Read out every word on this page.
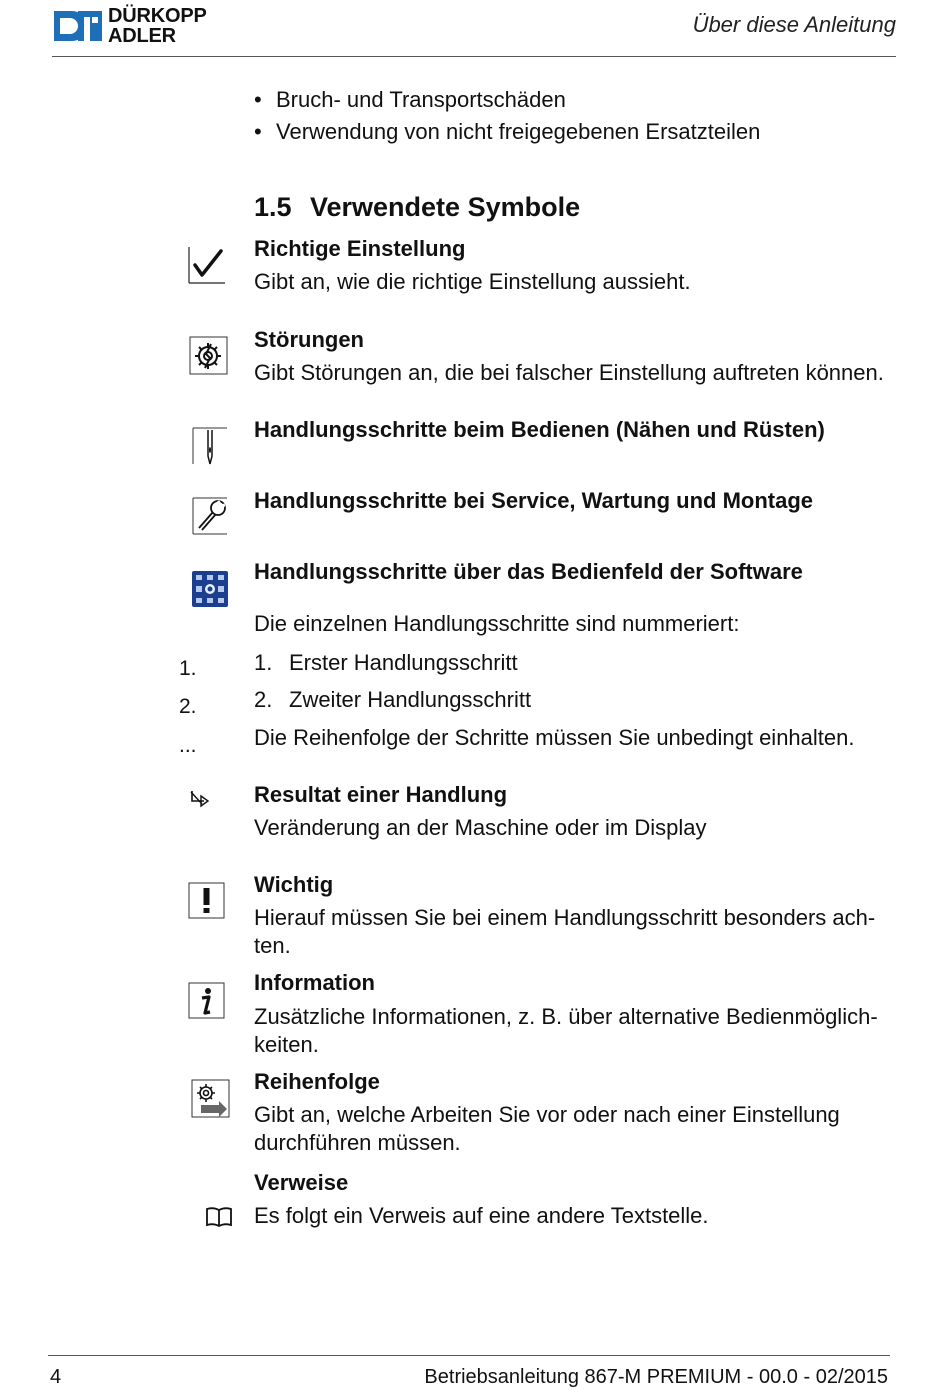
DÜRKOPP
ADLER	Über diese Anleitung
• Bruch- und Transportschäden
• Verwendung von nicht freigegebenen Ersatzteilen
1.5 Verwendete Symbole
Richtige Einstellung
Gibt an, wie die richtige Einstellung aussieht.
Störungen
Gibt Störungen an, die bei falscher Einstellung auftreten können.
Handlungsschritte beim Bedienen (Nähen und Rüsten)
Handlungsschritte bei Service, Wartung und Montage
Handlungsschritte über das Bedienfeld der Software
Die einzelnen Handlungsschritte sind nummeriert:
1.
2.
...
1. Erster Handlungsschritt
2. Zweiter Handlungsschritt
Die Reihenfolge der Schritte müssen Sie unbedingt einhalten.
Resultat einer Handlung
Veränderung an der Maschine oder im Display
Wichtig
Hierauf müssen Sie bei einem Handlungsschritt besonders ach-
ten.
Information
Zusätzliche Informationen, z. B. über alternative Bedienmöglich-
keiten.
Reihenfolge
Gibt an, welche Arbeiten Sie vor oder nach einer Einstellung
durchführen müssen.
Verweise
Es folgt ein Verweis auf eine andere Textstelle.
4	Betriebsanleitung 867-M PREMIUM - 00.0 - 02/2015
